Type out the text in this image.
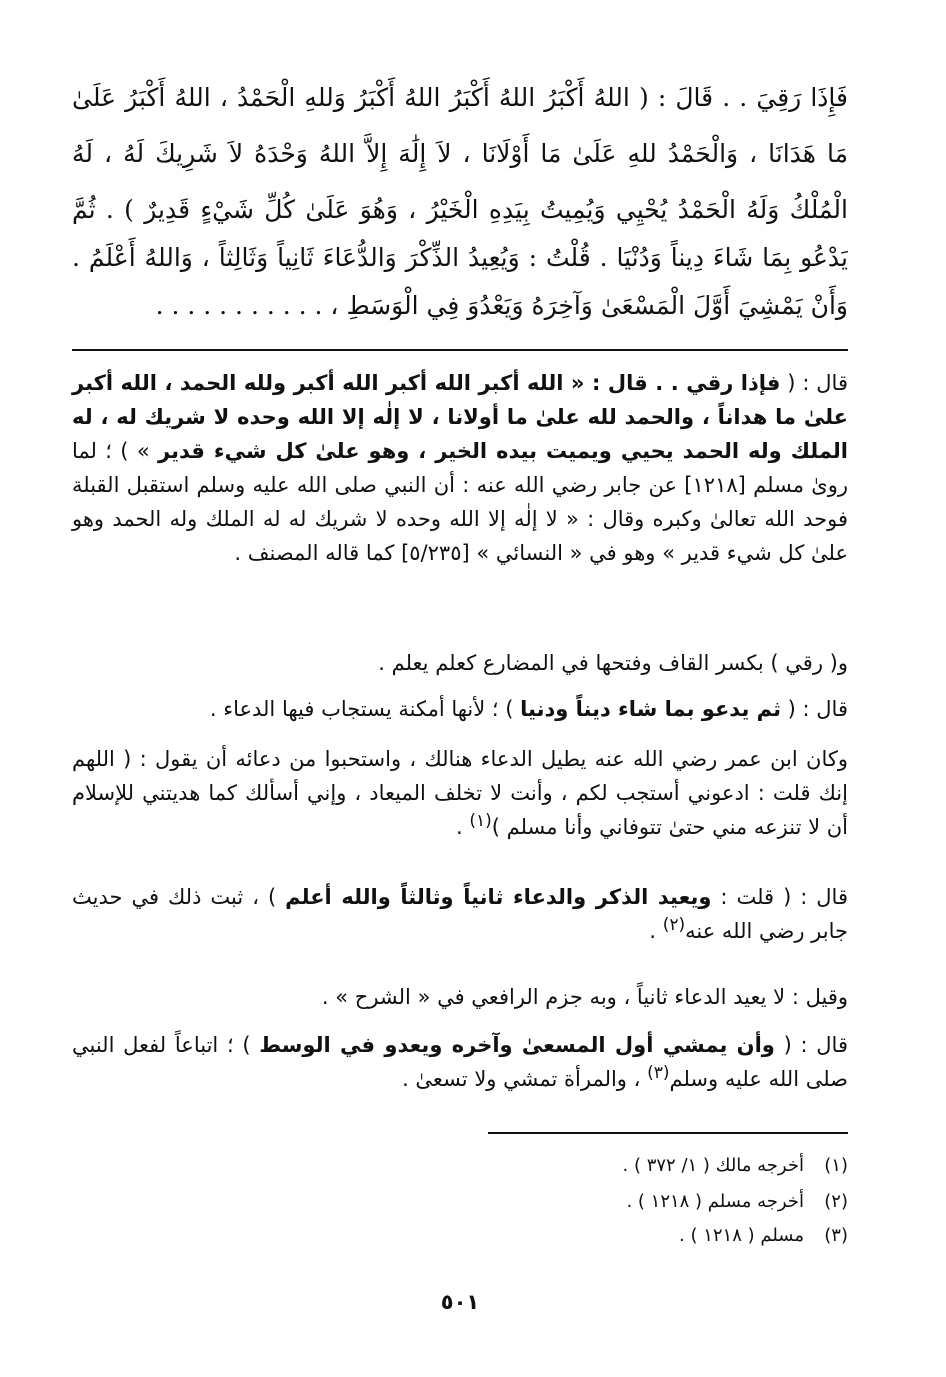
فَإِذَا رَقِيَ . . قَالَ : ( اللهُ أَكْبَرُ اللهُ أَكْبَرُ اللهُ أَكْبَرُ وَللهِ الْحَمْدُ ، اللهُ أَكْبَرُ عَلَىٰ
مَا هَدَانَا ، وَالْحَمْدُ للهِ عَلَىٰ مَا أَوْلَانَا ، لاَ إِلَٰهَ إِلاَّ اللهُ وَحْدَهُ لاَ شَرِيكَ لَهُ ، لَهُ
الْمُلْكُ وَلَهُ الْحَمْدُ يُحْيِي وَيُمِيتُ بِيَدِهِ الْخَيْرُ ، وَهُوَ عَلَىٰ كُلِّ شَيْءٍ قَدِيرٌ ) . ثُمَّ
يَدْعُو بِمَا شَاءَ دِيناً وَدُنْيَا . قُلْتُ : وَيُعِيدُ الذِّكْرَ وَالدُّعَاءَ ثَانِياً وَثَالِثاً ، وَاللهُ أَعْلَمُ .
وَأَنْ يَمْشِيَ أَوَّلَ الْمَسْعَىٰ وَآخِرَهُ وَيَعْدُوَ فِي الْوَسَطِ ، . . . . . . . . . . .

قال : ( فإذا رقي . . قال : « الله أكبر الله أكبر الله أكبر ولله الحمد ، الله أكبر علىٰ ما هداناً ، والحمد لله علىٰ ما أولانا ، لا إلٰه إلا الله وحده لا شريك له ، له الملك وله الحمد يحيي ويميت بيده الخير ، وهو علىٰ كل شيء قدير » ) ؛ لما روىٰ مسلم [١٢١٨] عن جابر رضي الله عنه : أن النبي صلى الله عليه وسلم استقبل القبلة فوحد الله تعالىٰ وكبره وقال : « لا إلٰه إلا الله وحده لا شريك له له الملك وله الحمد وهو علىٰ كل شيء قدير » وهو في « النسائي » [٥/٢٣٥] كما قاله المصنف .

و( رقي ) بكسر القاف وفتحها في المضارع كعلم يعلم .

قال : ( ثم يدعو بما شاء ديناً ودنيا ) ؛ لأنها أمكنة يستجاب فيها الدعاء .

وكان ابن عمر رضي الله عنه يطيل الدعاء هنالك ، واستحبوا من دعائه أن يقول : ( اللهم إنك قلت : ادعوني أستجب لكم ، وأنت لا تخلف الميعاد ، وإني أسألك كما هديتني للإسلام أن لا تنزعه مني حتىٰ تتوفاني وأنا مسلم )$^{(١)}$ .

قال : ( قلت : ويعيد الذكر والدعاء ثانياً وثالثاً والله أعلم ) ، ثبت ذلك في حديث جابر رضي الله عنه$^{(٢)}$ .

وقيل : لا يعيد الدعاء ثانياً ، وبه جزم الرافعي في « الشرح » .

قال : ( وأن يمشي أول المسعىٰ وآخره ويعدو في الوسط ) ؛ اتباعاً لفعل النبي صلى الله عليه وسلم$^{(٣)}$ ، والمرأة تمشي ولا تسعىٰ .

(١)أخرجه مالك ( ١/ ٣٧٢ ) .
(٢)أخرجه مسلم ( ١٢١٨ ) .
(٣)مسلم ( ١٢١٨ ) .
٥٠١
